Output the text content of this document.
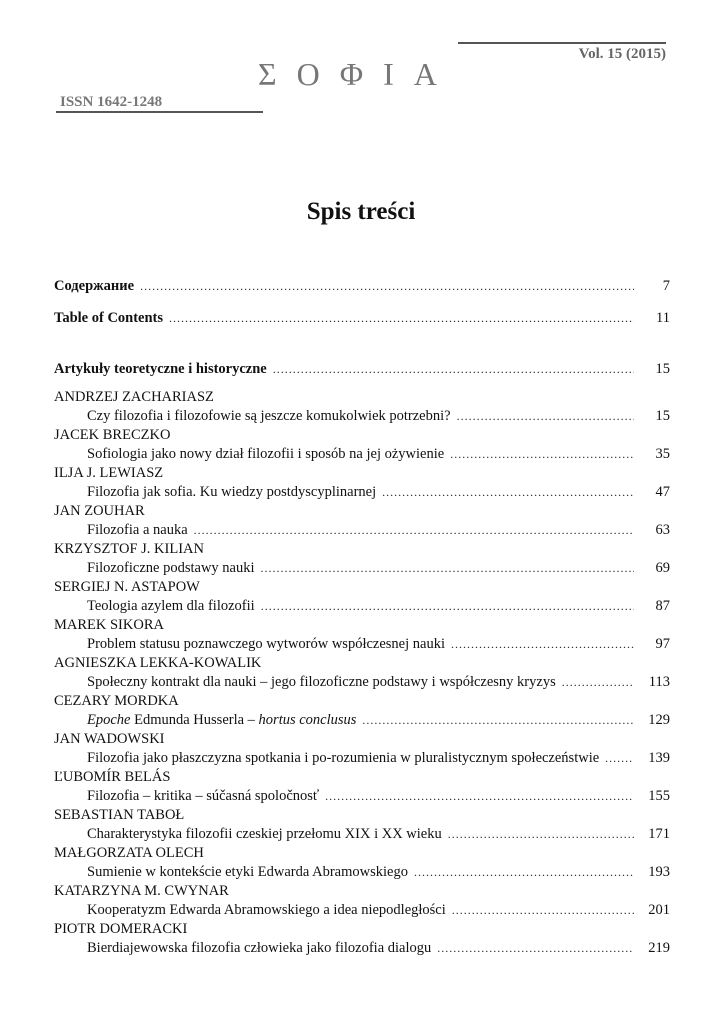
Vol. 15 (2015)
ΣΟΦΙΑ
ISSN 1642-1248
Spis treści
Содержание .....	7
Table of Contents .....	11
Artykuły teoretyczne i historyczne .....	15
ANDRZEJ ZACHARIASZ
Czy filozofia i filozofowie są jeszcze komukolwiek potrzebni? .....	15
JACEK BRECZKO
Sofiologia jako nowy dział filozofii i sposób na jej ożywienie .....	35
ILJA J. LEWIASZ
Filozofia jak sofia. Ku wiedzy postdyscyplinarnej .....	47
JAN ZOUHAR
Filozofia a nauka .....	63
KRZYSZTOF J. KILIAN
Filozoficzne podstawy nauki .....	69
SERGIEJ N. ASTAPOW
Teologia azylem dla filozofii .....	87
MAREK SIKORA
Problem statusu poznawczego wytworów współczesnej nauki .....	97
AGNIESZKA LEKKA-KOWALIK
Społeczny kontrakt dla nauki – jego filozoficzne podstawy i współczesny kryzys .....	113
CEZARY MORDKA
Epoche Edmunda Husserla – hortus conclusus .....	129
JAN WADOWSKI
Filozofia jako płaszczyzna spotkania i po-rozumienia w pluralistycznym społeczeństwie .....	139
ĽUBOMÍR BELÁS
Filozofia – kritika – súčasná spoločnosť .....	155
SEBASTIAN TABOŁ
Charakterystyka filozofii czeskiej przełomu XIX i XX wieku .....	171
MAŁGORZATA OLECH
Sumienie w kontekście etyki Edwarda Abramowskiego .....	193
KATARZYNA M. CWYNAR
Kooperatyzm Edwarda Abramowskiego a idea niepodległości .....	201
PIOTR DOMERACKI
Bierdiajewowska filozofia człowieka jako filozofia dialogu .....	219
